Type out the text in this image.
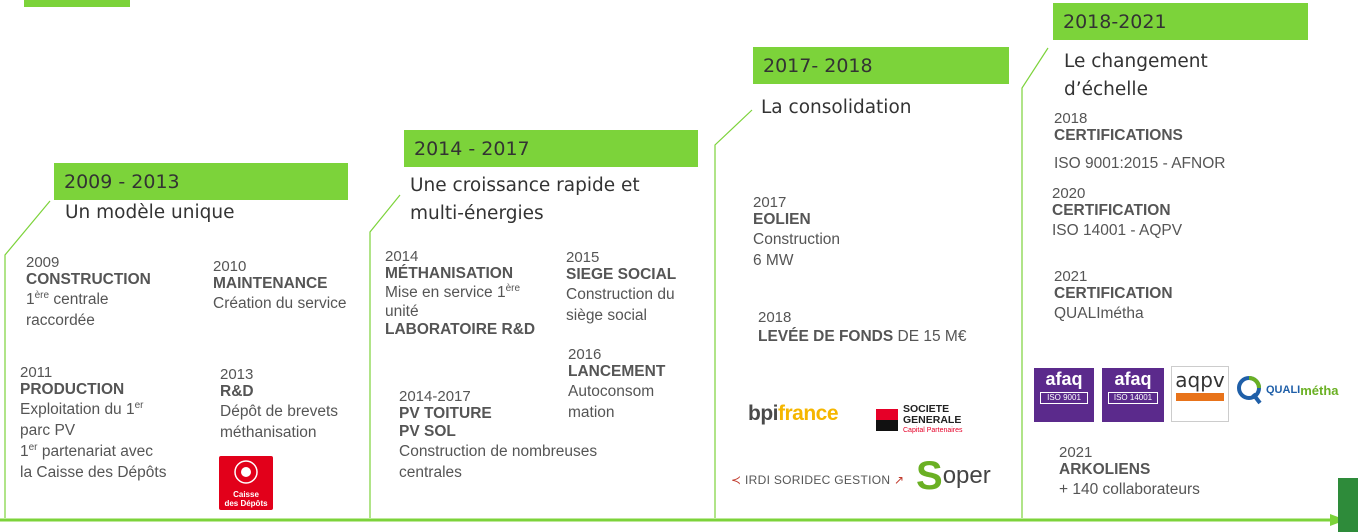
2009 - 2013
Un modèle unique
2009
CONSTRUCTION
1ère centrale
raccordée
2010
MAINTENANCE
Création du service
2011
PRODUCTION
Exploitation du 1er
parc PV
1er partenariat avec
la Caisse des Dépôts
2013
R&D
Dépôt de brevets
méthanisation
Caisse
des Dépôts
2014 - 2017
Une croissance rapide et
multi-énergies
2014
MÉTHANISATION
Mise en service 1ère
unité
LABORATOIRE R&D
2015
SIEGE SOCIAL
Construction du
siège social
2016
LANCEMENT
Autoconsom
mation
2014-2017
PV TOITURE
PV SOL
Construction de nombreuses
centrales
2017- 2018
La consolidation
2017
EOLIEN
Construction
6 MW
2018
LEVÉE DE FONDS DE 15 M€
bpi france	SOCIETE
GENERALE
Capital Partenaires
≺ IRDI SORIDEC GESTION ↗ S oper
2018-2021
Le changement
d’échelle
2018
CERTIFICATIONS
ISO 9001:2015 - AFNOR
2020
CERTIFICATION
ISO 14001 - AQPV
2021
CERTIFICATION
QUALIméthа
afaq
ISO 9001
afaq
ISO 14001
aqpv	QUALI métha
2021
ARKOLIENS
+ 140 collaborateurs
